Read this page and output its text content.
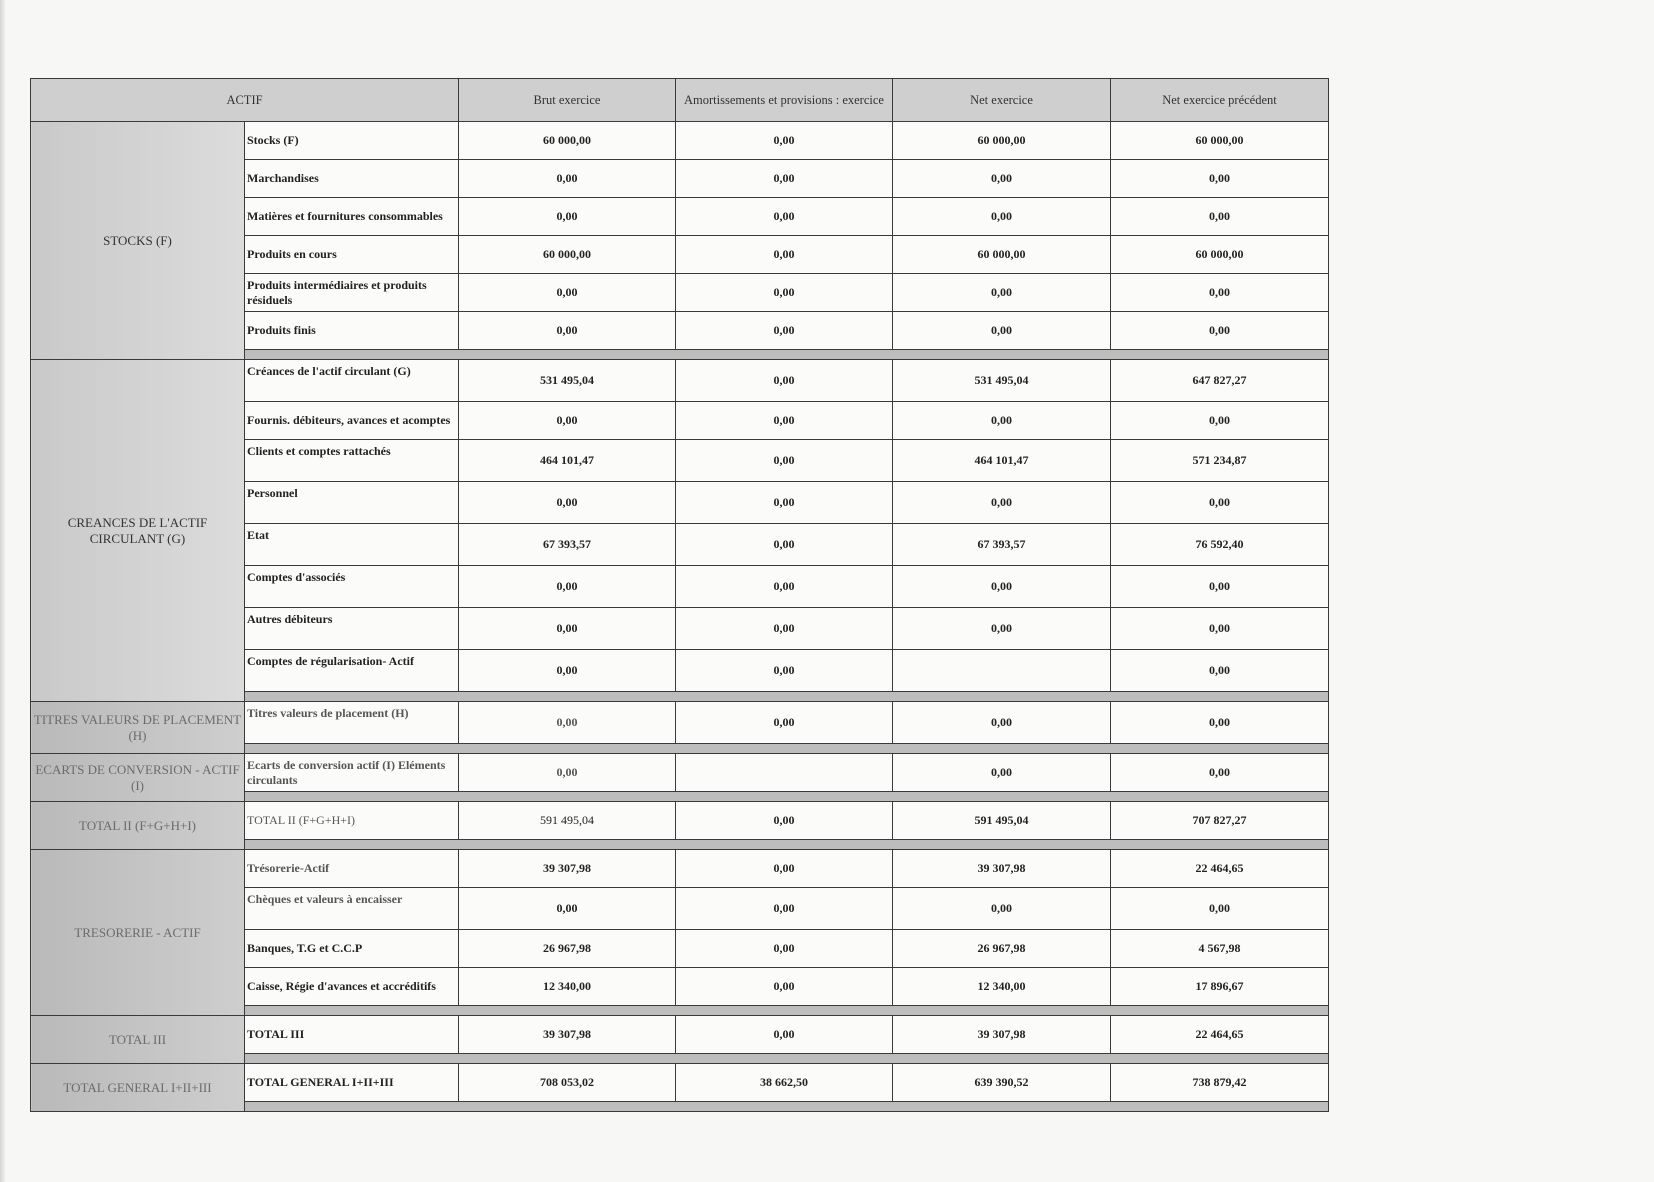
ACTIF		Brut exercice	Amortissements et provisions : exercice	Net exercice	Net exercice précédent
STOCKS (F)	Stocks (F)	60 000,00	0,00	60 000,00	60 000,00
	Marchandises	0,00	0,00	0,00	0,00
	Matières et fournitures consommables	0,00	0,00	0,00	0,00
	Produits en cours	60 000,00	0,00	60 000,00	60 000,00
	Produits intermédiaires et produits résiduels	0,00	0,00	0,00	0,00
	Produits finis	0,00	0,00	0,00	0,00

CREANCES DE L'ACTIF CIRCULANT (G)	Créances de l'actif circulant (G)	531 495,04	0,00	531 495,04	647 827,27
	Fournis. débiteurs, avances et acomptes	0,00	0,00	0,00	0,00
	Clients et comptes rattachés	464 101,47	0,00	464 101,47	571 234,87
	Personnel	0,00	0,00	0,00	0,00
	Etat	67 393,57	0,00	67 393,57	76 592,40
	Comptes d'associés	0,00	0,00	0,00	0,00
	Autres débiteurs	0,00	0,00	0,00	0,00
	Comptes de régularisation- Actif	0,00	0,00		0,00

TITRES VALEURS DE PLACEMENT (H)	Titres valeurs de placement (H)	0,00	0,00	0,00	0,00

ECARTS DE CONVERSION - ACTIF (I)	Ecarts de conversion actif (I) Eléments circulants	0,00		0,00	0,00

TOTAL II (F+G+H+I)	TOTAL II (F+G+H+I)	591 495,04	0,00	591 495,04	707 827,27

TRESORERIE - ACTIF	Trésorerie-Actif	39 307,98	0,00	39 307,98	22 464,65
	Chèques et valeurs à encaisser	0,00	0,00	0,00	0,00
	Banques, T.G et C.C.P	26 967,98	0,00	26 967,98	4 567,98
	Caisse, Régie d'avances et accréditifs	12 340,00	0,00	12 340,00	17 896,67

TOTAL III	TOTAL III	39 307,98	0,00	39 307,98	22 464,65

TOTAL GENERAL I+II+III	TOTAL GENERAL I+II+III	708 053,02	38 662,50	639 390,52	738 879,42
